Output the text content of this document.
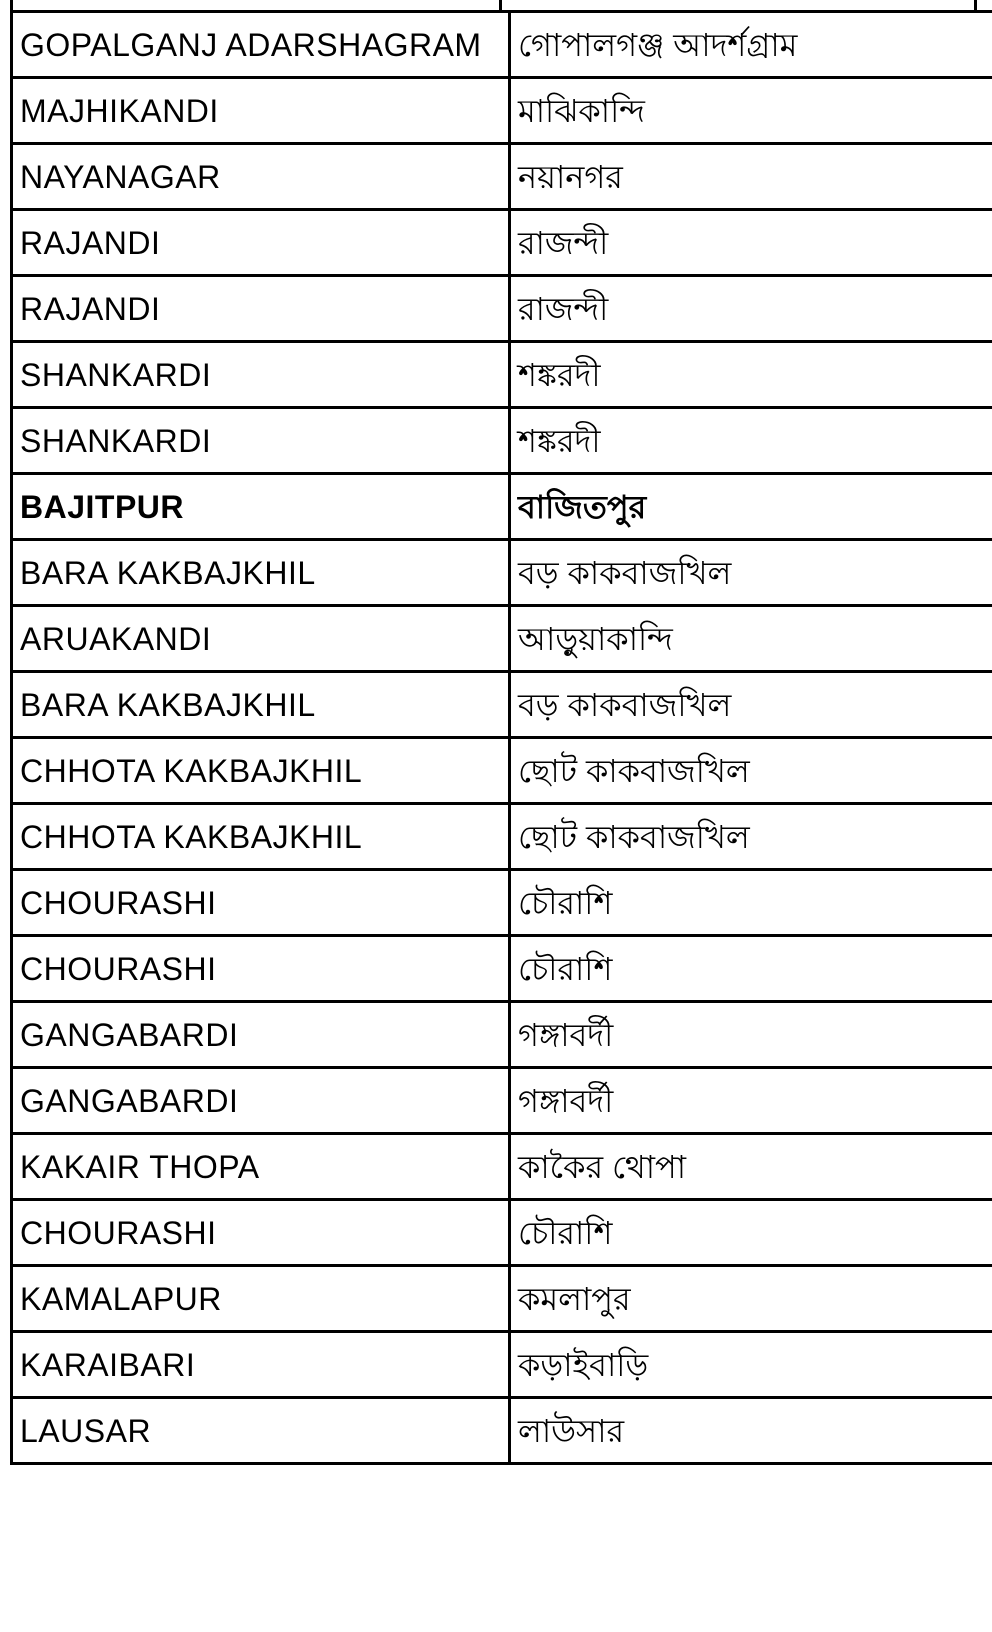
GOPALGANJ ADARSHAGRAM	গোপালগঞ্জ আদর্শগ্রাম
MAJHIKANDI	মাঝিকান্দি
NAYANAGAR	নয়ানগর
RAJANDI	রাজন্দী
RAJANDI	রাজন্দী
SHANKARDI	শঙ্করদী
SHANKARDI	শঙ্করদী
BAJITPUR	বাজিতপুর
BARA KAKBAJKHIL	বড় কাকবাজখিল
ARUAKANDI	আড়ুয়াকান্দি
BARA KAKBAJKHIL	বড় কাকবাজখিল
CHHOTA KAKBAJKHIL	ছোট কাকবাজখিল
CHHOTA KAKBAJKHIL	ছোট কাকবাজখিল
CHOURASHI	চৌরাশি
CHOURASHI	চৌরাশি
GANGABARDI	গঙ্গাবর্দী
GANGABARDI	গঙ্গাবর্দী
KAKAIR THOPA	কাকৈর থোপা
CHOURASHI	চৌরাশি
KAMALAPUR	কমলাপুর
KARAIBARI	কড়াইবাড়ি
LAUSAR	লাউসার
